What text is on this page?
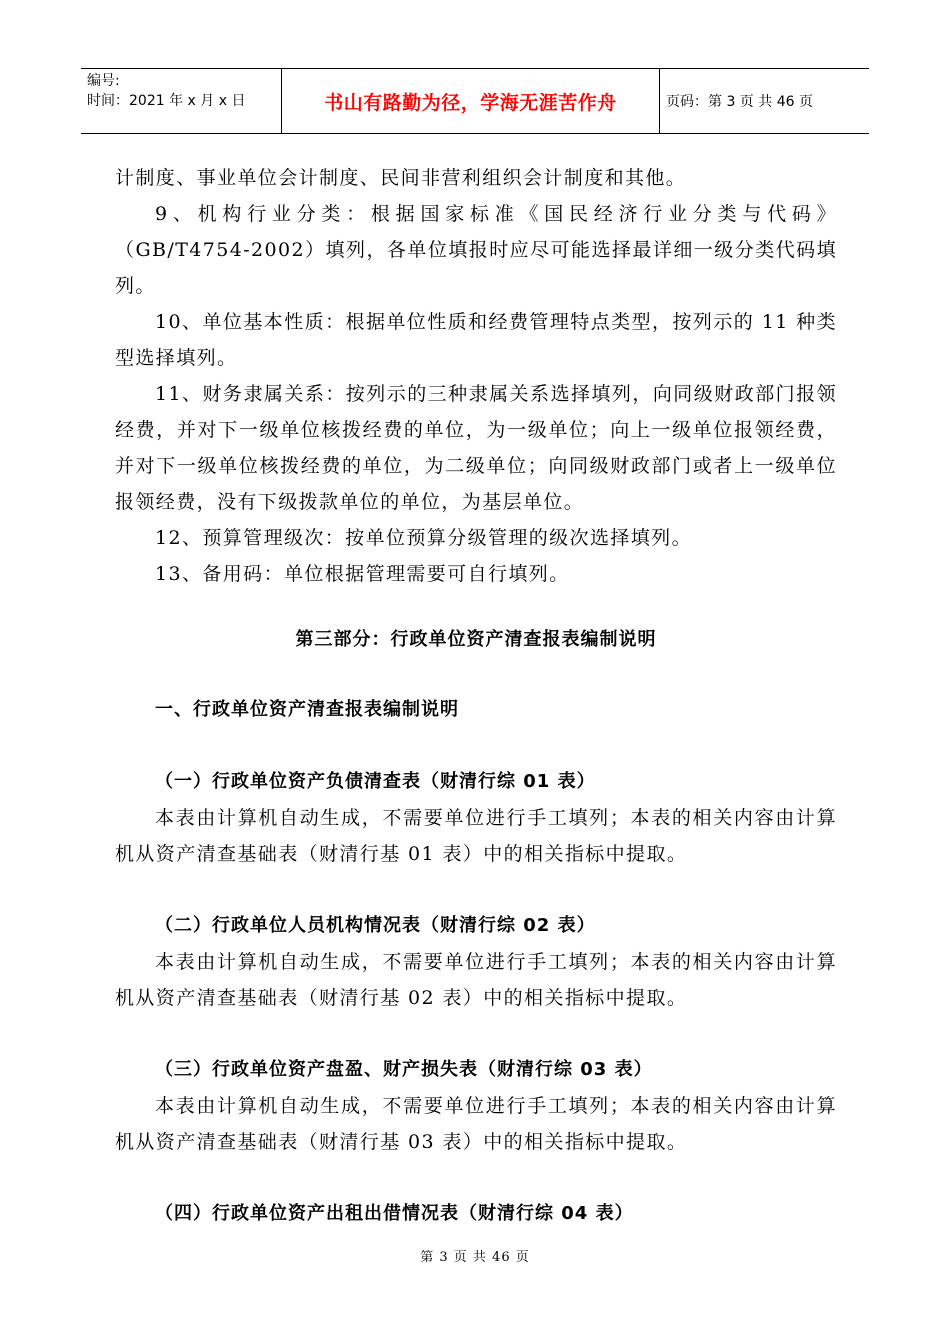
编号:
时间：2021 年 x 月 x 日	书山有路勤为径，学海无涯苦作舟	页码：第 3 页 共 46 页

计制度、事业单位会计制度、民间非营利组织会计制度和其他。

9、机构行业分类：根据国家标准《国民经济行业分类与代码》（GB/T4754-2002）填列，各单位填报时应尽可能选择最详细一级分类代码填列。

10、单位基本性质：根据单位性质和经费管理特点类型，按列示的 11 种类型选择填列。

11、财务隶属关系：按列示的三种隶属关系选择填列，向同级财政部门报领经费，并对下一级单位核拨经费的单位，为一级单位；向上一级单位报领经费，并对下一级单位核拨经费的单位，为二级单位；向同级财政部门或者上一级单位报领经费，没有下级拨款单位的单位，为基层单位。

12、预算管理级次：按单位预算分级管理的级次选择填列。

13、备用码：单位根据管理需要可自行填列。

第三部分：行政单位资产清查报表编制说明

一、行政单位资产清查报表编制说明

（一）行政单位资产负债清查表（财清行综 01 表）

本表由计算机自动生成，不需要单位进行手工填列；本表的相关内容由计算机从资产清查基础表（财清行基 01 表）中的相关指标中提取。

（二）行政单位人员机构情况表（财清行综 02 表）

本表由计算机自动生成，不需要单位进行手工填列；本表的相关内容由计算机从资产清查基础表（财清行基 02 表）中的相关指标中提取。

（三）行政单位资产盘盈、财产损失表（财清行综 03 表）

本表由计算机自动生成，不需要单位进行手工填列；本表的相关内容由计算机从资产清查基础表（财清行基 03 表）中的相关指标中提取。

（四）行政单位资产出租出借情况表（财清行综 04 表）

第 3 页 共 46 页
